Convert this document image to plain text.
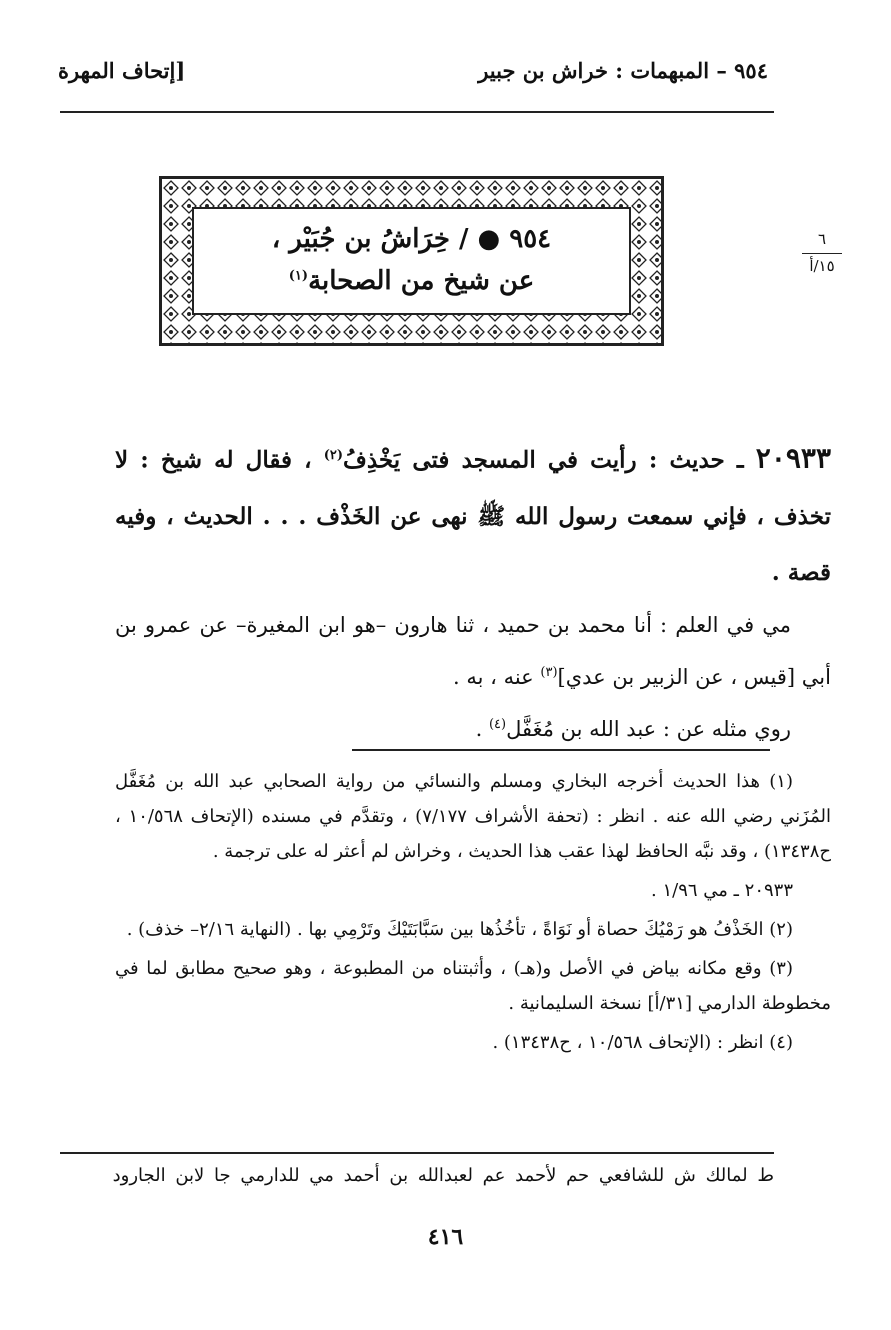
٩٥٤ – المبهمات : خراش بن جبير
[إتحاف المهرة
٩٥٤ ● / خِرَاشُ بن جُبَيْر ،
عن شيخ من الصحابة$^{(١)}$
٦
١٥/أ

٢٠٩٣٣ ـ حديث : رأيت في المسجد فتى يَخْذِفُ$^{(٢)}$ ، فقال له شيخ : لا تخذف ، فإني سمعت رسول الله ﷺ نهى عن الخَذْف . . . الحديث ، وفيه قصة .

مي في العلم : أنا محمد بن حميد ، ثنا هارون –هو ابن المغيرة– عن عمرو بن أبي [قيس ، عن الزبير بن عدي]$^{(٣)}$ عنه ، به .

روي مثله عن : عبد الله بن مُغَفَّل$^{(٤)}$ .

(١) هذا الحديث أخرجه البخاري ومسلم والنسائي من رواية الصحابي عبد الله بن مُغَفَّل المُزَني رضي الله عنه . انظر : (تحفة الأشراف ٧/١٧٧) ، وتقدَّم في مسنده (الإتحاف ١٠/٥٦٨ ، ح١٣٤٣٨) ، وقد نبَّه الحافظ لهذا عقب هذا الحديث ، وخراش لم أعثر له على ترجمة .

٢٠٩٣٣ ـ مي ١/٩٦ .

(٢) الخَذْفُ هو رَمْيُكَ حصاة أو نَوَاةً ، تأخُذُها بين سَبَّابَتَيْكَ وتَرْمِي بها . (النهاية ٢/١٦– خذف) .

(٣) وقع مكانه بياض في الأصل و(هـ) ، وأثبتناه من المطبوعة ، وهو صحيح مطابق لما في مخطوطة الدارمي [٣١/أ] نسخة السليمانية .

(٤) انظر : (الإتحاف ١٠/٥٦٨ ، ح١٣٤٣٨) .

ط لمالك ش للشافعي حم لأحمد عم لعبدالله بن أحمد مي للدارمي جا لابن الجارود
٤١٦
